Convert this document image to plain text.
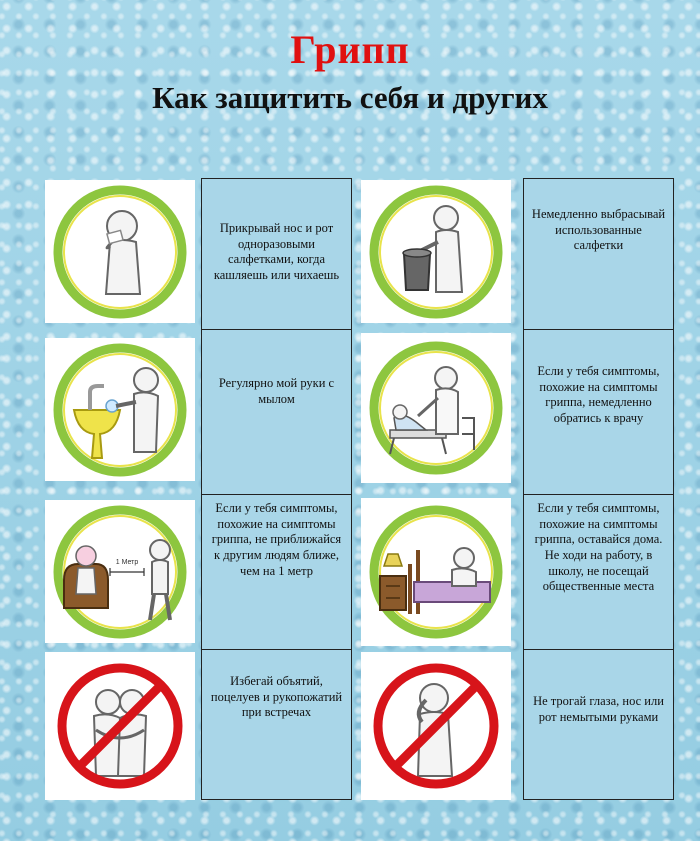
Грипп
Как защитить себя и других
Прикрывай нос и рот одноразовыми салфетками, когда кашляешь или чихаешь
Немедленно выбрасывай использованные салфетки
Регулярно мой руки с мылом
Если у тебя симптомы, похожие на симптомы гриппа, немедленно обратись к врачу
1 Метр
Если у тебя симптомы, похожие на симптомы гриппа, не приближайся к другим людям ближе, чем на 1 метр
Если у тебя симптомы, похожие на симптомы гриппа, оставайся дома. Не ходи на работу, в школу, не посещай общественные места
Избегай объятий, поцелуев и рукопожатий при встречах
Не трогай глаза, нос или рот немытыми руками
